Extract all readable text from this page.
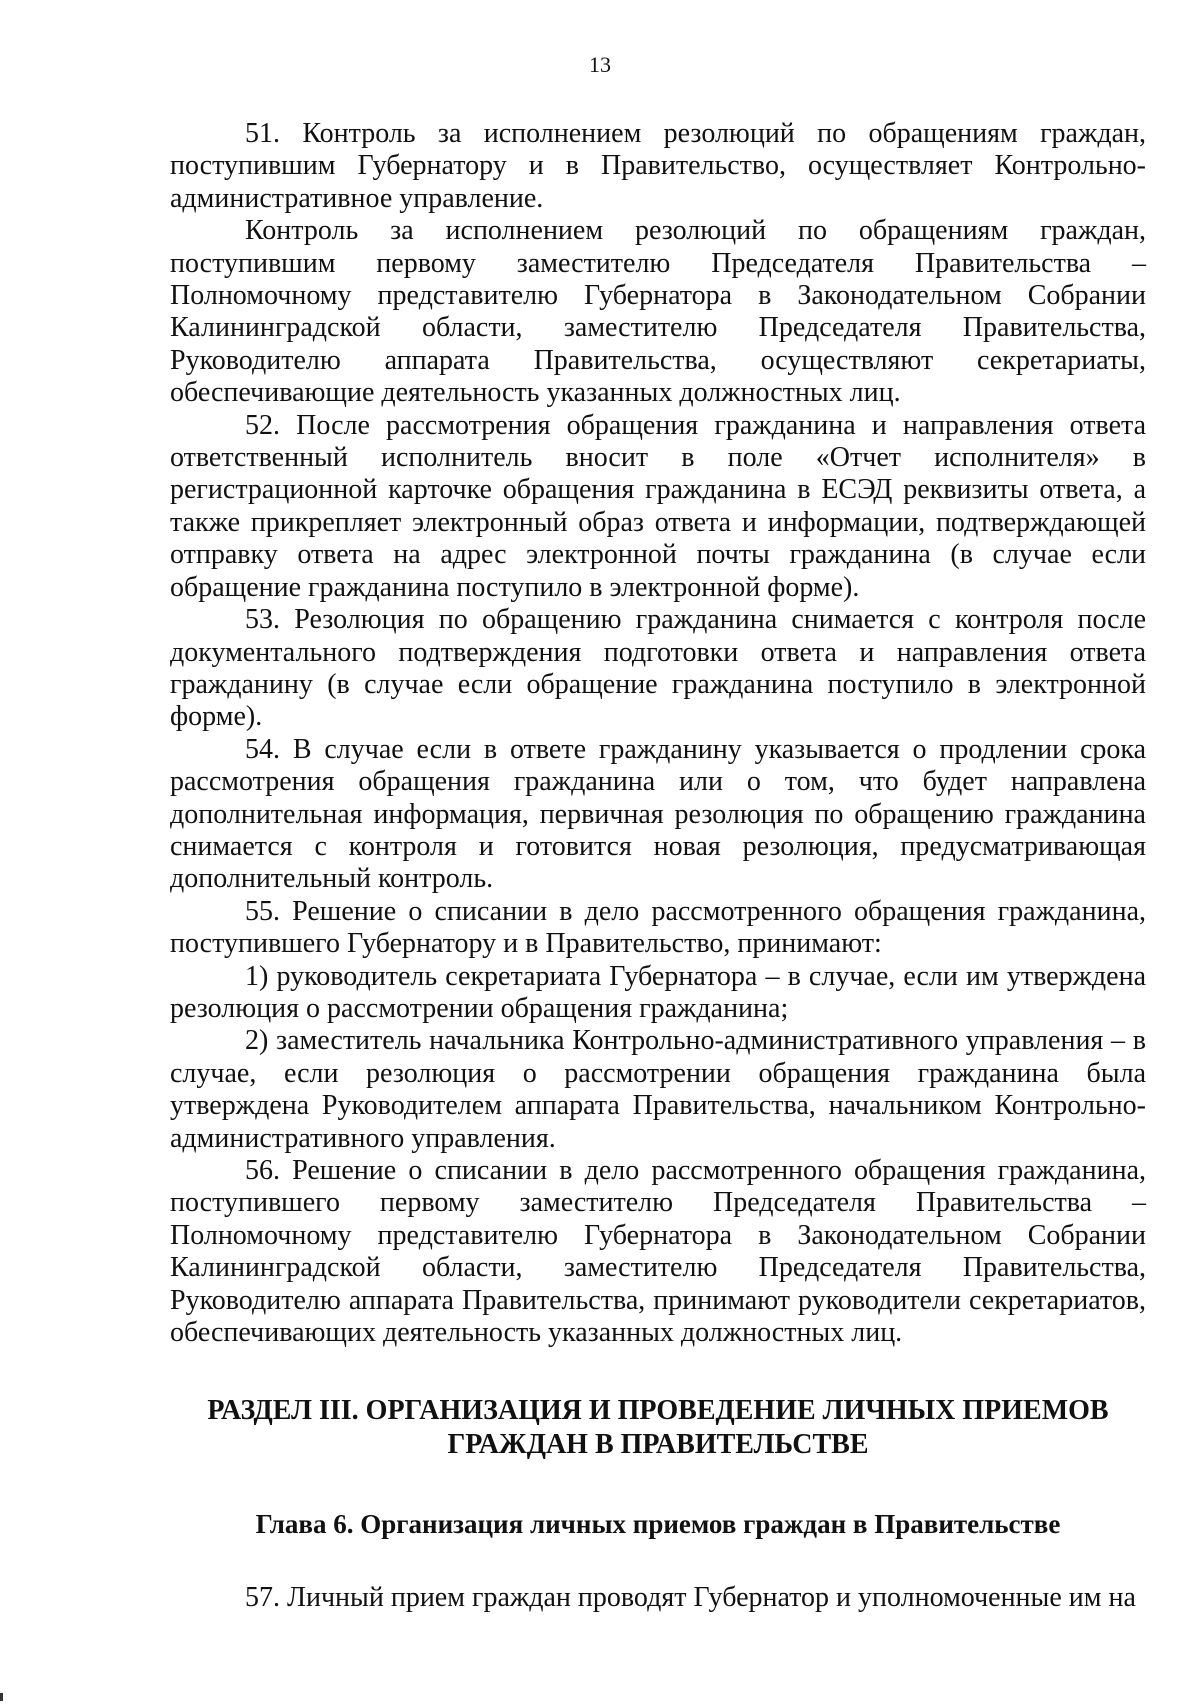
13

51. Контроль за исполнением резолюций по обращениям граждан, поступившим Губернатору и в Правительство, осуществляет Контрольно-административное управление.

Контроль за исполнением резолюций по обращениям граждан, поступившим первому заместителю Председателя Правительства – Полномочному представителю Губернатора в Законодательном Собрании Калининградской области, заместителю Председателя Правительства, Руководителю аппарата Правительства, осуществляют секретариаты, обеспечивающие деятельность указанных должностных лиц.

52. После рассмотрения обращения гражданина и направления ответа ответственный исполнитель вносит в поле «Отчет исполнителя» в регистрационной карточке обращения гражданина в ЕСЭД реквизиты ответа, а также прикрепляет электронный образ ответа и информации, подтверждающей отправку ответа на адрес электронной почты гражданина (в случае если обращение гражданина поступило в электронной форме).

53. Резолюция по обращению гражданина снимается с контроля после документального подтверждения подготовки ответа и направления ответа гражданину (в случае если обращение гражданина поступило в электронной форме).

54. В случае если в ответе гражданину указывается о продлении срока рассмотрения обращения гражданина или о том, что будет направлена дополнительная информация, первичная резолюция по обращению гражданина снимается с контроля и готовится новая резолюция, предусматривающая дополнительный контроль.

55. Решение о списании в дело рассмотренного обращения гражданина, поступившего Губернатору и в Правительство, принимают:

1) руководитель секретариата Губернатора – в случае, если им утверждена резолюция о рассмотрении обращения гражданина;

2) заместитель начальника Контрольно-административного управления – в случае, если резолюция о рассмотрении обращения гражданина была утверждена Руководителем аппарата Правительства, начальником Контрольно-административного управления.

56. Решение о списании в дело рассмотренного обращения гражданина, поступившего первому заместителю Председателя Правительства – Полномочному представителю Губернатора в Законодательном Собрании Калининградской области, заместителю Председателя Правительства, Руководителю аппарата Правительства, принимают руководители секретариатов, обеспечивающих деятельность указанных должностных лиц.

РАЗДЕЛ III. ОРГАНИЗАЦИЯ И ПРОВЕДЕНИЕ ЛИЧНЫХ ПРИЕМОВ
ГРАЖДАН В ПРАВИТЕЛЬСТВЕ
Глава 6. Организация личных приемов граждан в Правительстве

57. Личный прием граждан проводят Губернатор и уполномоченные им на
